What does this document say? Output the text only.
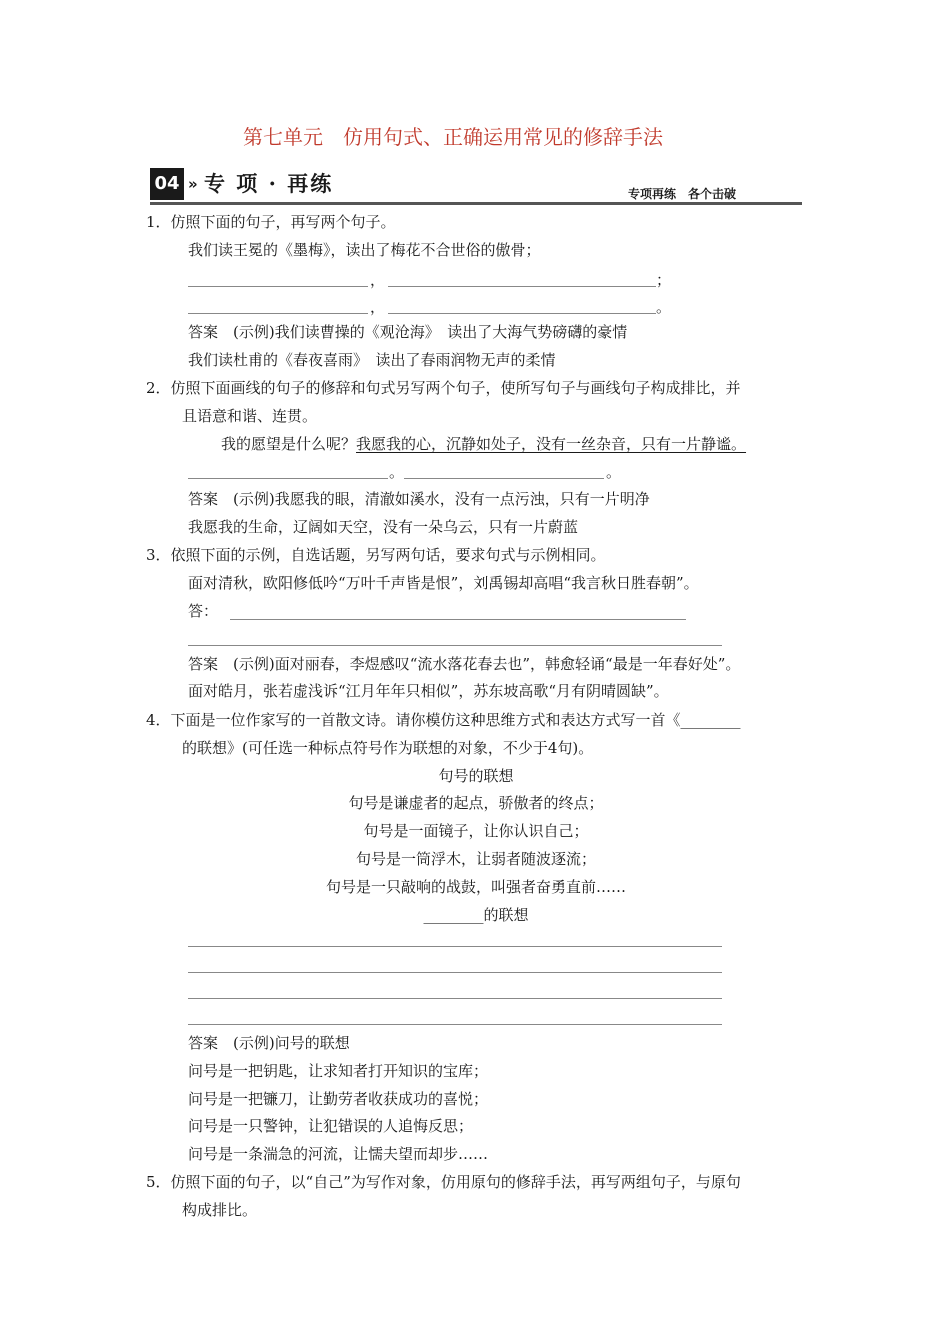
第七单元　仿用句式、正确运用常见的修辞手法
04 » 专 项 · 再练	专项再练　各个击破
1．仿照下面的句子，再写两个句子。
我们读王冕的《墨梅》，读出了梅花不合世俗的傲骨；
，	；
，	。
答案　(示例)我们读曹操的《观沧海》　读出了大海气势磅礴的豪情
我们读杜甫的《春夜喜雨》　读出了春雨润物无声的柔情
2．仿照下面画线的句子的修辞和句式另写两个句子，使所写句子与画线句子构成排比，并
且语意和谐、连贯。
我的愿望是什么呢？我愿我的心，沉静如处子，没有一丝杂音，只有一片静谧。
。	。
答案　(示例)我愿我的眼，清澈如溪水，没有一点污浊，只有一片明净
我愿我的生命，辽阔如天空，没有一朵乌云，只有一片蔚蓝
3．依照下面的示例，自选话题，另写两句话，要求句式与示例相同。
面对清秋，欧阳修低吟“万叶千声皆是恨”，刘禹锡却高唱“我言秋日胜春朝”。
答：
答案　(示例)面对丽春，李煜感叹“流水落花春去也”，韩愈轻诵“最是一年春好处”。
面对皓月，张若虚浅诉“江月年年只相似”，苏东坡高歌“月有阴晴圆缺”。
4．下面是一位作家写的一首散文诗。请你模仿这种思维方式和表达方式写一首《________
的联想》(可任选一种标点符号作为联想的对象，不少于4句)。
句号的联想
句号是谦虚者的起点，骄傲者的终点；
句号是一面镜子，让你认识自己；
句号是一筒浮木，让弱者随波逐流；
句号是一只敲响的战鼓，叫强者奋勇直前……
________的联想
答案　(示例)问号的联想
问号是一把钥匙，让求知者打开知识的宝库；
问号是一把镰刀，让勤劳者收获成功的喜悦；
问号是一只警钟，让犯错误的人追悔反思；
问号是一条湍急的河流，让懦夫望而却步……
5．仿照下面的句子，以“自己”为写作对象，仿用原句的修辞手法，再写两组句子，与原句
构成排比。
